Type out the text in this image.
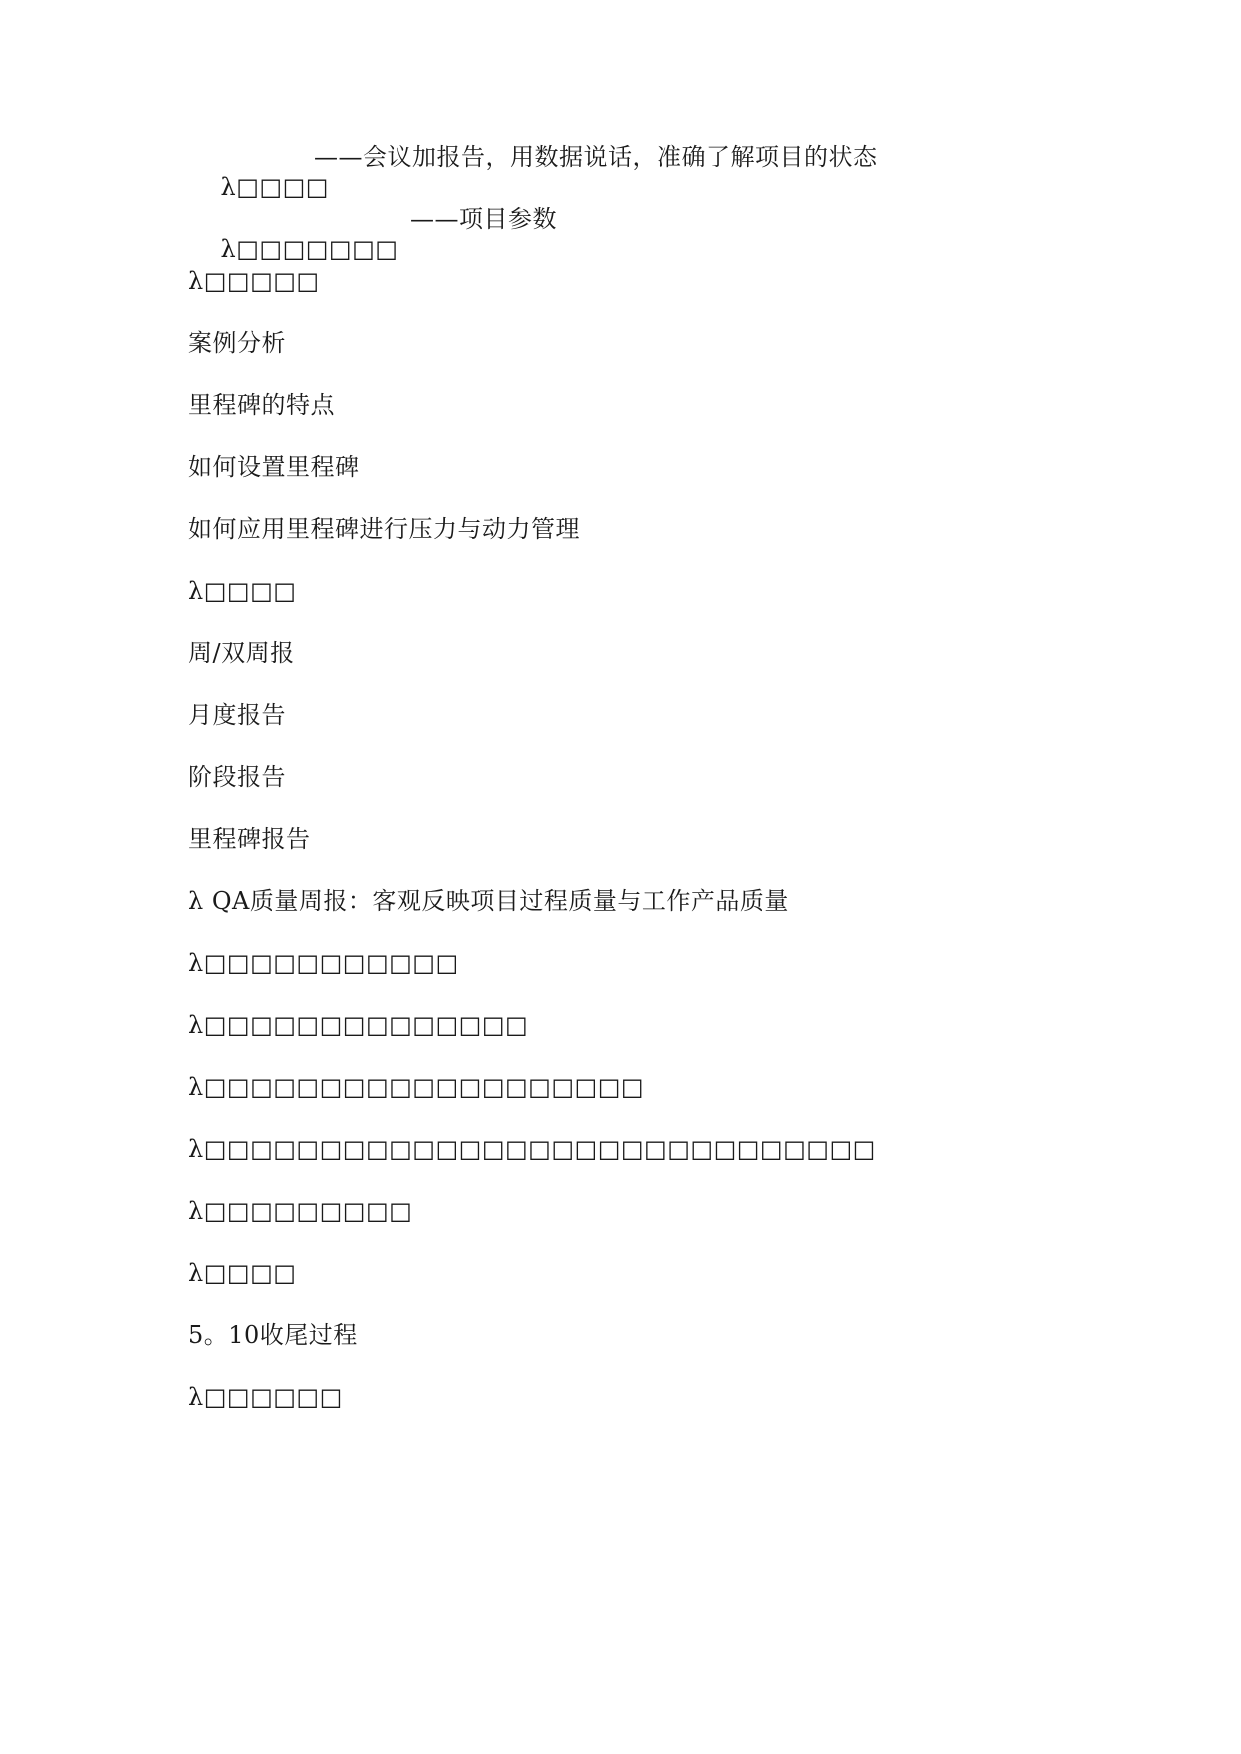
λ□□□□

——会议加报告，用数据说话，准确了解项目的状态

λ□□□□□□□

——项目参数

λ□□□□□
案例分析
里程碑的特点
如何设置里程碑
如何应用里程碑进行压力与动力管理
λ□□□□
周/双周报
月度报告
阶段报告
里程碑报告
λ QA质量周报：客观反映项目过程质量与工作产品质量
λ□□□□□□□□□□□
λ□□□□□□□□□□□□□□
λ□□□□□□□□□□□□□□□□□□□
λ□□□□□□□□□□□□□□□□□□□□□□□□□□□□□
λ□□□□□□□□□
λ□□□□
5。10收尾过程
λ□□□□□□
